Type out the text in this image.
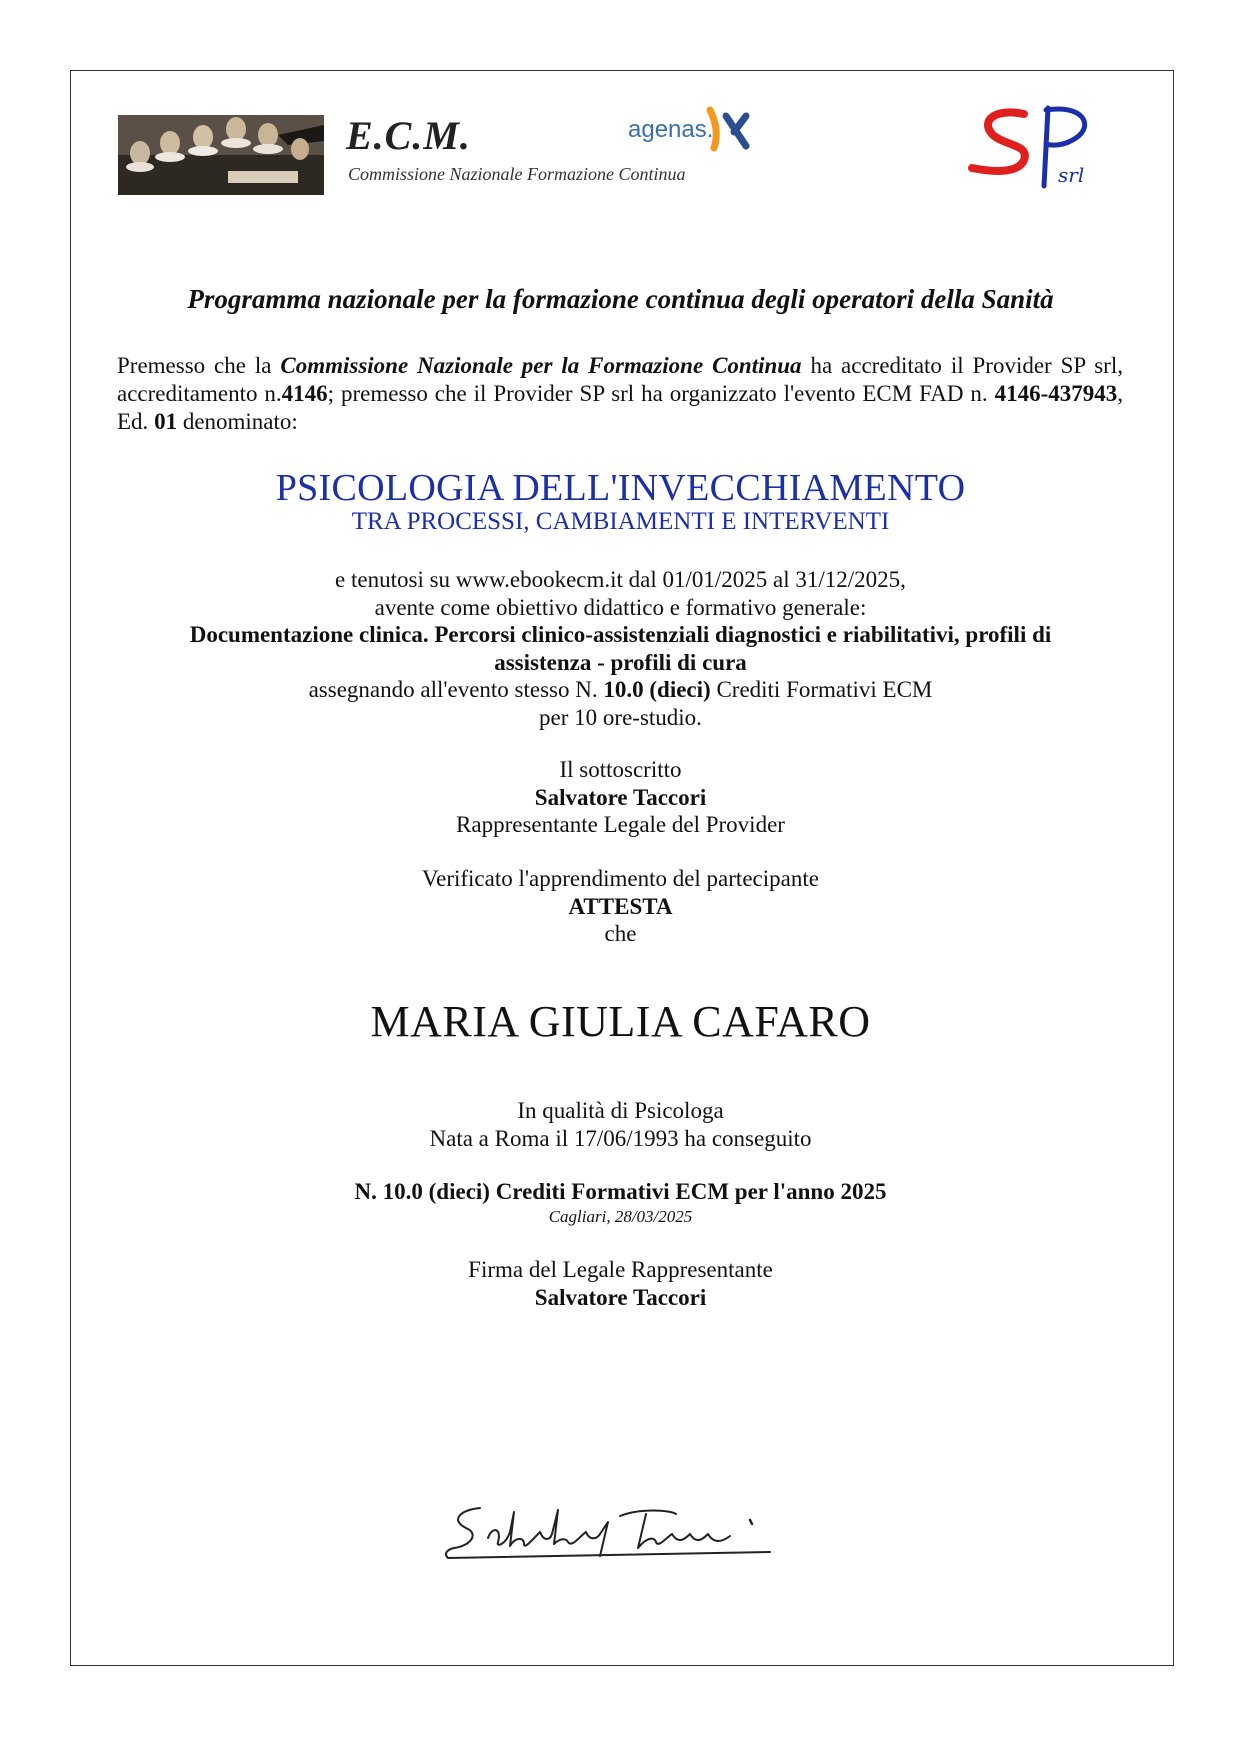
E.C.M.
Commissione Nazionale Formazione Continua
agenas.
srl
Programma nazionale per la formazione continua degli operatori della Sanità
Premesso che la Commissione Nazionale per la Formazione Continua ha accreditato il Provider SP srl, accreditamento n.4146; premesso che il Provider SP srl ha organizzato l'evento ECM FAD n. 4146-437943, Ed. 01 denominato:
PSICOLOGIA DELL'INVECCHIAMENTO
TRA PROCESSI, CAMBIAMENTI E INTERVENTI
e tenutosi su www.ebookecm.it dal 01/01/2025 al 31/12/2025,
avente come obiettivo didattico e formativo generale:
Documentazione clinica. Percorsi clinico-assistenziali diagnostici e riabilitativi, profili di
assistenza - profili di cura
assegnando all'evento stesso N. 10.0 (dieci) Crediti Formativi ECM
per 10 ore-studio.
Il sottoscritto
Salvatore Taccori
Rappresentante Legale del Provider
Verificato l'apprendimento del partecipante
ATTESTA
che
MARIA GIULIA CAFARO
In qualità di Psicologa
Nata a Roma il 17/06/1993 ha conseguito
N. 10.0 (dieci) Crediti Formativi ECM per l'anno 2025
Cagliari, 28/03/2025
Firma del Legale Rappresentante
Salvatore Taccori
